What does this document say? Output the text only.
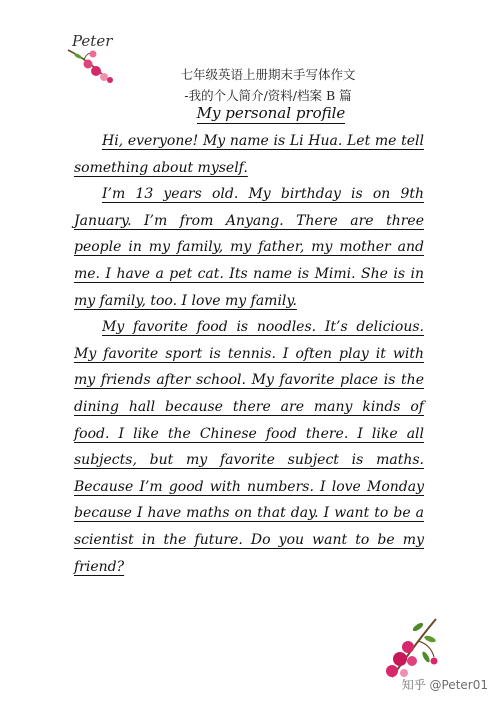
Peter
七年级英语上册期末手写体作文
-我的个人简介/资料/档案 B 篇
My personal profile

Hi, everyone! My name is Li Hua. Let me tell something about myself.

I’m 13 years old. My birthday is on 9th January. I’m from Anyang. There are three people in my family, my father, my mother and me. I have a pet cat. Its name is Mimi. She is in my family, too. I love my family.

My favorite food is noodles. It’s delicious. My favorite sport is tennis. I often play it with my friends after school. My favorite place is the dining hall because there are many kinds of food. I like the Chinese food there. I like all subjects, but my favorite subject is maths. Because I’m good with numbers. I love Monday because I have maths on that day. I want to be a scientist in the future. Do you want to be my friend?

知乎 @Peter01
